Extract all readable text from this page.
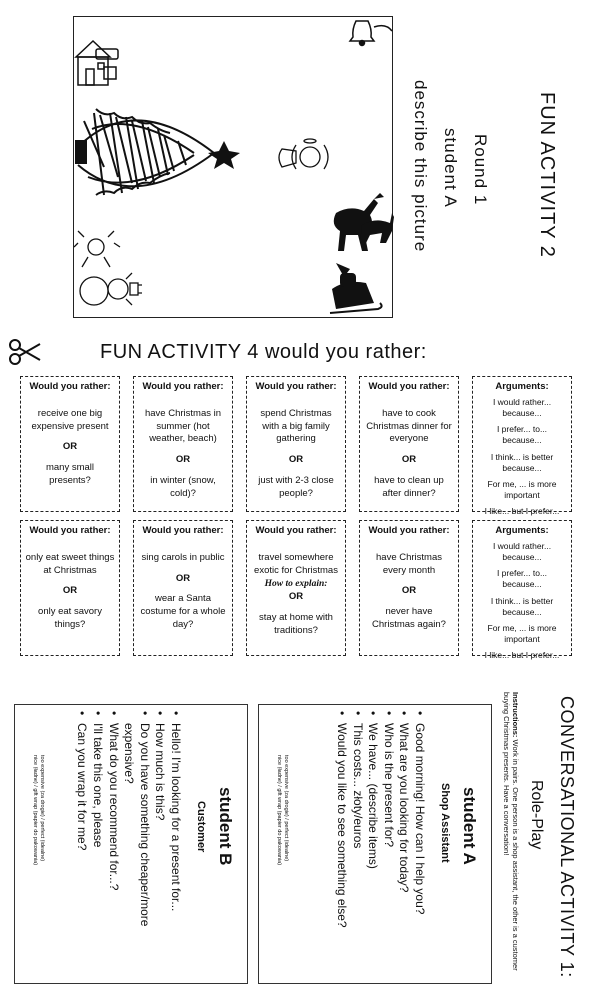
FUN ACTIVITY 2
Round 1
student A
describe this picture
FUN ACTIVITY 4 would you rather:
Would you rather:
receive one big expensive present
OR
many small presents?
Would you rather:
have Christmas in summer (hot weather, beach)
OR
in winter (snow, cold)?
Would you rather:
spend Christmas with a big family gathering
OR
just with 2-3 close people?
Would you rather:
have to cook Christmas dinner for everyone
OR
have to clean up after dinner?
Arguments:
I would rather... because...
I prefer... to... because...
I think... is better because...
For me, ... is more important
I like... but I prefer...
Would you rather:
only eat sweet things at Christmas
OR
only eat savory things?
Would you rather:
sing carols in public
OR
wear a Santa costume for a whole day?
Would you rather:
travel somewhere exotic for Christmas
How to explain:
OR
stay at home with traditions?
Would you rather:
have Christmas every month
OR
never have Christmas again?
Arguments:
I would rather... because...
I prefer... to... because...
I think... is better because...
For me, ... is more important
I like... but I prefer...
CONVERSATIONAL ACTIVITY 1:
Role-Play
Instructions: Work in pairs. One person is a shop assistant, the other is a customer buying Christmas presents. Have a conversation!
student A
Shop Assistant
• Good morning! How can I help you?
• What are you looking for today?
• Who is the present for?
• We have... (describe items)
• This costs... złoty/euros
• Would you like to see something else?
too expensive (za drogie) / perfect (idealne)
nice (ładne) / gift wrap (papier do pakowania)
student B
Customer
• Hello! I'm looking for a present for...
• How much is this?
• Do you have something cheaper/more expensive?
• What do you recommend for...?
• I'll take this one, please
• Can you wrap it for me?
too expensive (za drogie) / perfect (idealne)
nice (ładne) / gift wrap (papier do pakowania)
